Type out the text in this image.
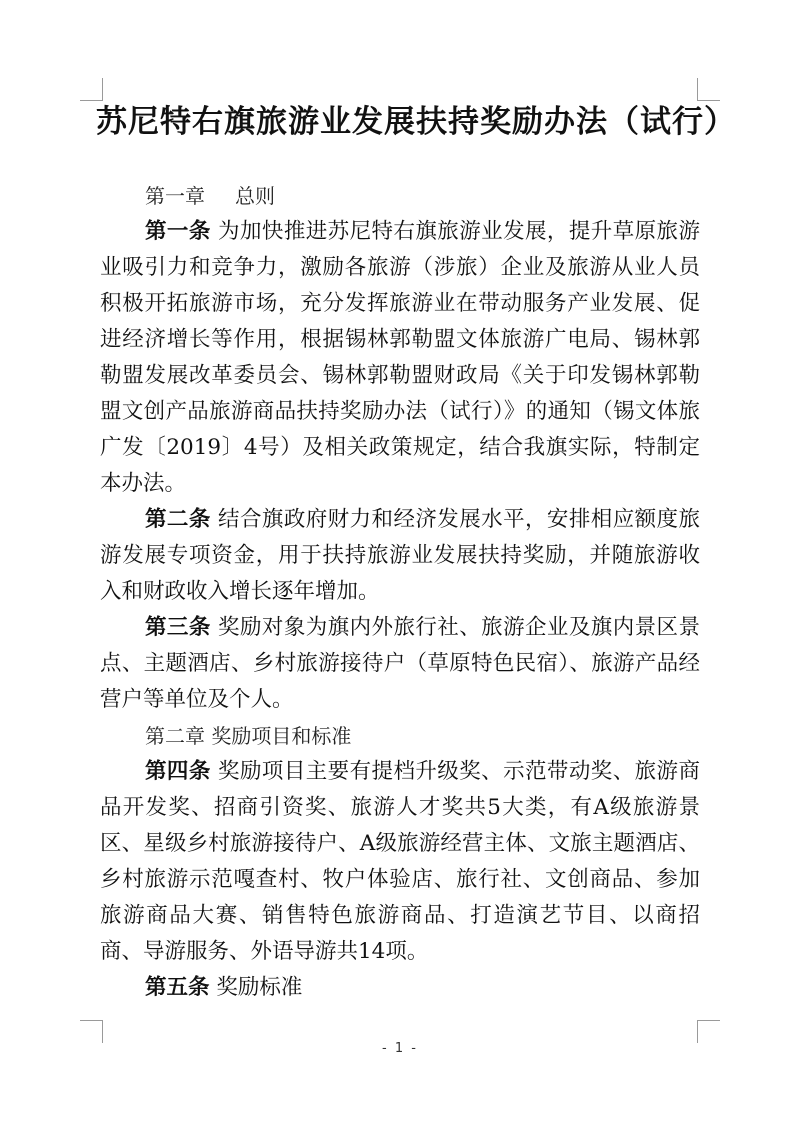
苏尼特右旗旅游业发展扶持奖励办法（试行）

第一章 总则

第一条 为加快推进苏尼特右旗旅游业发展，提升草原旅游业吸引力和竞争力，激励各旅游（涉旅）企业及旅游从业人员积极开拓旅游市场，充分发挥旅游业在带动服务产业发展、促进经济增长等作用，根据锡林郭勒盟文体旅游广电局、锡林郭勒盟发展改革委员会、锡林郭勒盟财政局《关于印发锡林郭勒盟文创产品旅游商品扶持奖励办法（试行）》的通知（锡文体旅广发〔2019〕4号）及相关政策规定，结合我旗实际，特制定本办法。

第二条 结合旗政府财力和经济发展水平，安排相应额度旅游发展专项资金，用于扶持旅游业发展扶持奖励，并随旅游收入和财政收入增长逐年增加。

第三条 奖励对象为旗内外旅行社、旅游企业及旗内景区景点、主题酒店、乡村旅游接待户（草原特色民宿）、旅游产品经营户等单位及个人。

第二章 奖励项目和标准

第四条 奖励项目主要有提档升级奖、示范带动奖、旅游商品开发奖、招商引资奖、旅游人才奖共5大类，有A级旅游景区、星级乡村旅游接待户、A级旅游经营主体、文旅主题酒店、乡村旅游示范嘎查村、牧户体验店、旅行社、文创商品、参加旅游商品大赛、销售特色旅游商品、打造演艺节目、以商招商、导游服务、外语导游共14项。

第五条 奖励标准

- 1 -
